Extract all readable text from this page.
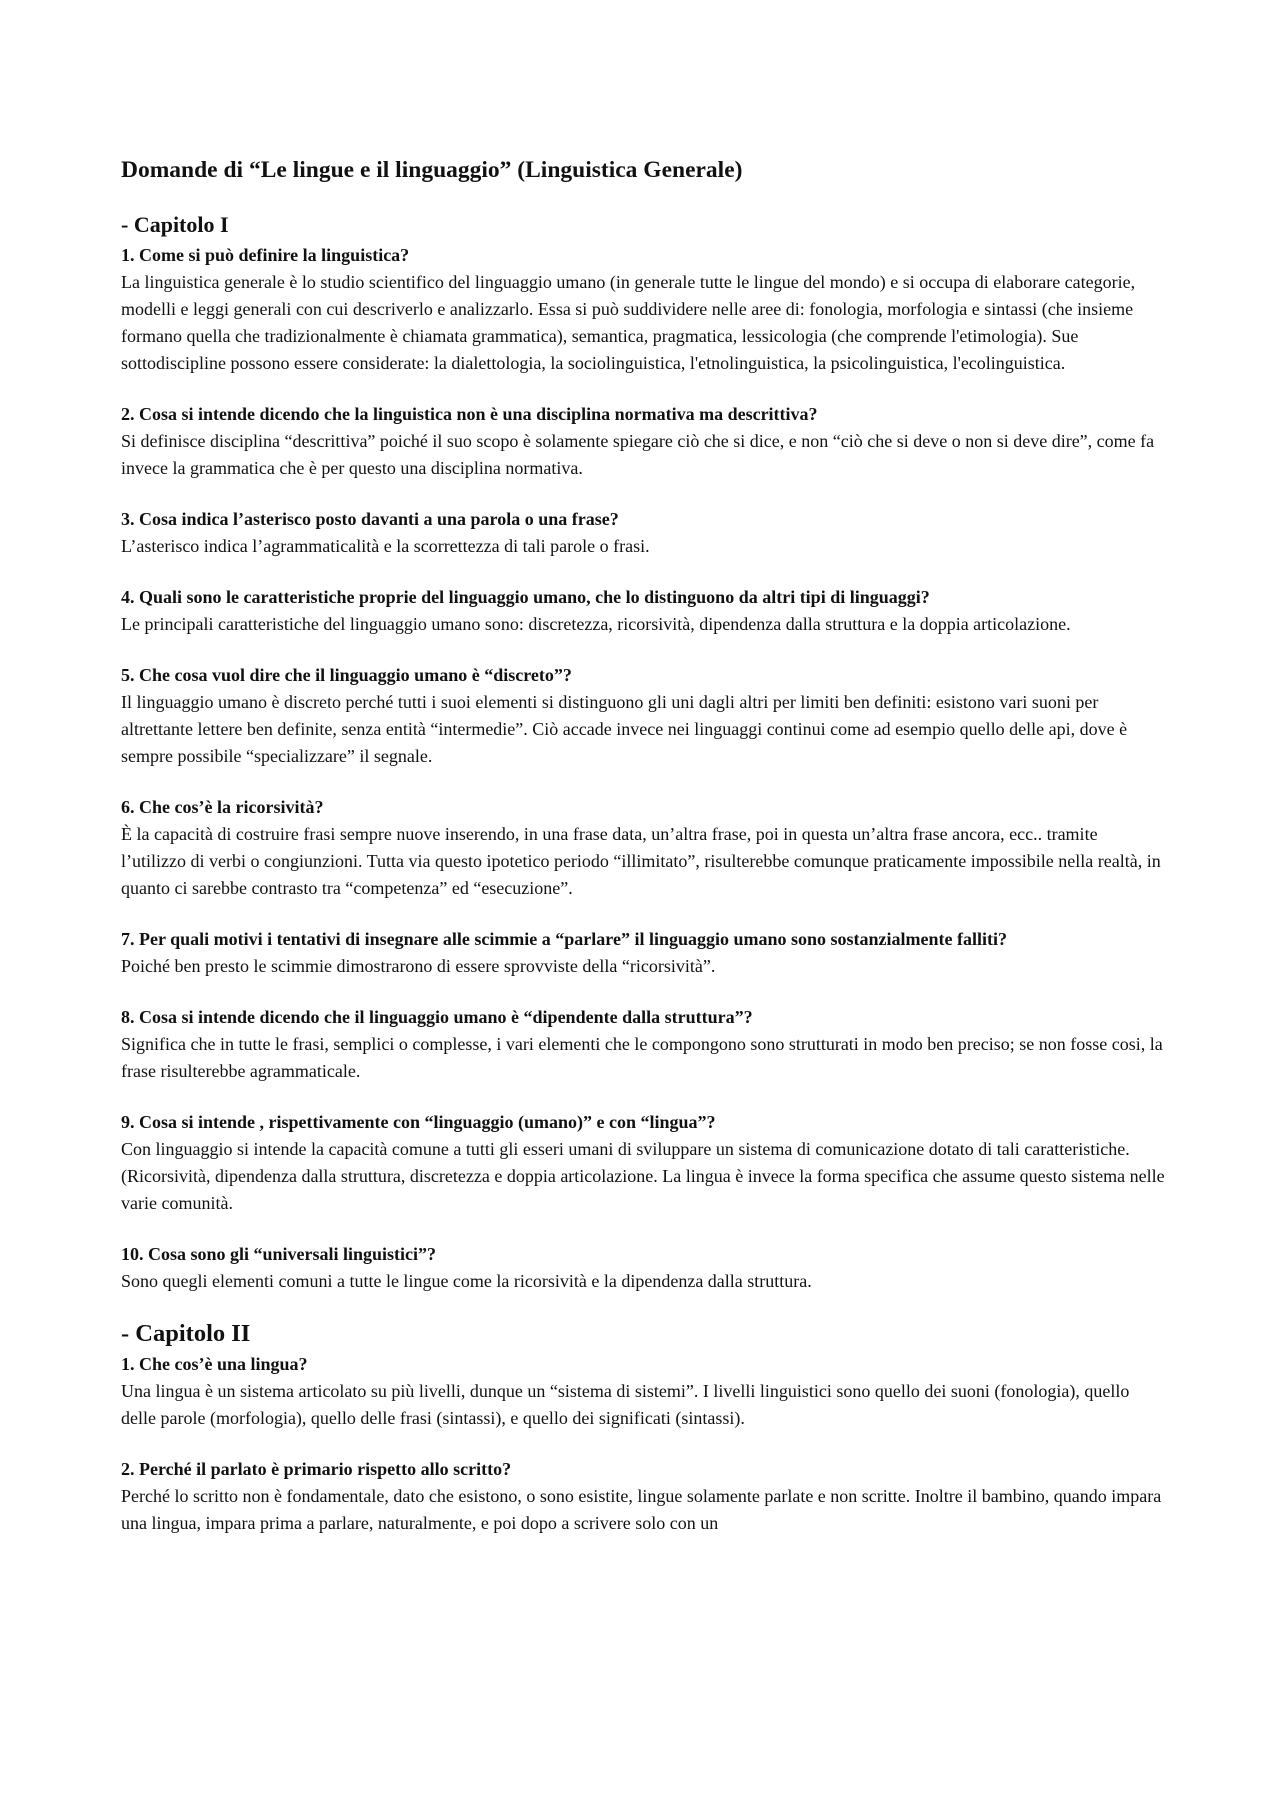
Domande di “Le lingue e il linguaggio” (Linguistica Generale)
- Capitolo I

1. Come si può definire la linguistica?

La linguistica generale è lo studio scientifico del linguaggio umano (in generale tutte le lingue del mondo) e si occupa di elaborare categorie, modelli e leggi generali con cui descriverlo e analizzarlo. Essa si può suddividere nelle aree di: fonologia, morfologia e sintassi (che insieme formano quella che tradizionalmente è chiamata grammatica), semantica, pragmatica, lessicologia (che comprende l'etimologia). Sue sottodiscipline possono essere considerate: la dialettologia, la sociolinguistica, l'etnolinguistica, la psicolinguistica, l'ecolinguistica.

2. Cosa si intende dicendo che la linguistica non è una disciplina normativa ma descrittiva?

Si definisce disciplina “descrittiva” poiché il suo scopo è solamente spiegare ciò che si dice, e non “ciò che si deve o non si deve dire”, come fa invece la grammatica che è per questo una disciplina normativa.

3. Cosa indica l’asterisco posto davanti a una parola o una frase?

L’asterisco indica l’agrammaticalità e la scorrettezza di tali parole o frasi.

4. Quali sono le caratteristiche proprie del linguaggio umano, che lo distinguono da altri tipi di linguaggi?

Le principali caratteristiche del linguaggio umano sono: discretezza, ricorsività, dipendenza dalla struttura e la doppia articolazione.

5. Che cosa vuol dire che il linguaggio umano è “discreto”?

Il linguaggio umano è discreto perché tutti i suoi elementi si distinguono gli uni dagli altri per limiti ben definiti: esistono vari suoni per altrettante lettere ben definite, senza entità “intermedie”. Ciò accade invece nei linguaggi continui come ad esempio quello delle api, dove è sempre possibile “specializzare” il segnale.

6. Che cos’è la ricorsività?

È la capacità di costruire frasi sempre nuove inserendo, in una frase data, un’altra frase, poi in questa un’altra frase ancora, ecc.. tramite l’utilizzo di verbi o congiunzioni. Tutta via questo ipotetico periodo “illimitato”, risulterebbe comunque praticamente impossibile nella realtà, in quanto ci sarebbe contrasto tra “competenza” ed “esecuzione”.

7. Per quali motivi i tentativi di insegnare alle scimmie a “parlare” il linguaggio umano sono sostanzialmente falliti?

Poiché ben presto le scimmie dimostrarono di essere sprovviste della “ricorsività”.

8. Cosa si intende dicendo che il linguaggio umano è “dipendente dalla struttura”?

Significa che in tutte le frasi, semplici o complesse, i vari elementi che le compongono sono strutturati in modo ben preciso; se non fosse cosi, la frase risulterebbe agrammaticale.

9. Cosa si intende , rispettivamente con “linguaggio (umano)” e con “lingua”?

Con linguaggio si intende la capacità comune a tutti gli esseri umani di sviluppare un sistema di comunicazione dotato di tali caratteristiche. (Ricorsività, dipendenza dalla struttura, discretezza e doppia articolazione. La lingua è invece la forma specifica che assume questo sistema nelle varie comunità.

10. Cosa sono gli “universali linguistici”?

Sono quegli elementi comuni a tutte le lingue come la ricorsività e la dipendenza dalla struttura.

- Capitolo II

1. Che cos’è una lingua?

Una lingua è un sistema articolato su più livelli, dunque un “sistema di sistemi”. I livelli linguistici sono quello dei suoni (fonologia), quello delle parole (morfologia), quello delle frasi (sintassi), e quello dei significati (sintassi).

2. Perché il parlato è primario rispetto allo scritto?

Perché lo scritto non è fondamentale, dato che esistono, o sono esistite, lingue solamente parlate e non scritte. Inoltre il bambino, quando impara una lingua, impara prima a parlare, naturalmente, e poi dopo a scrivere solo con un
